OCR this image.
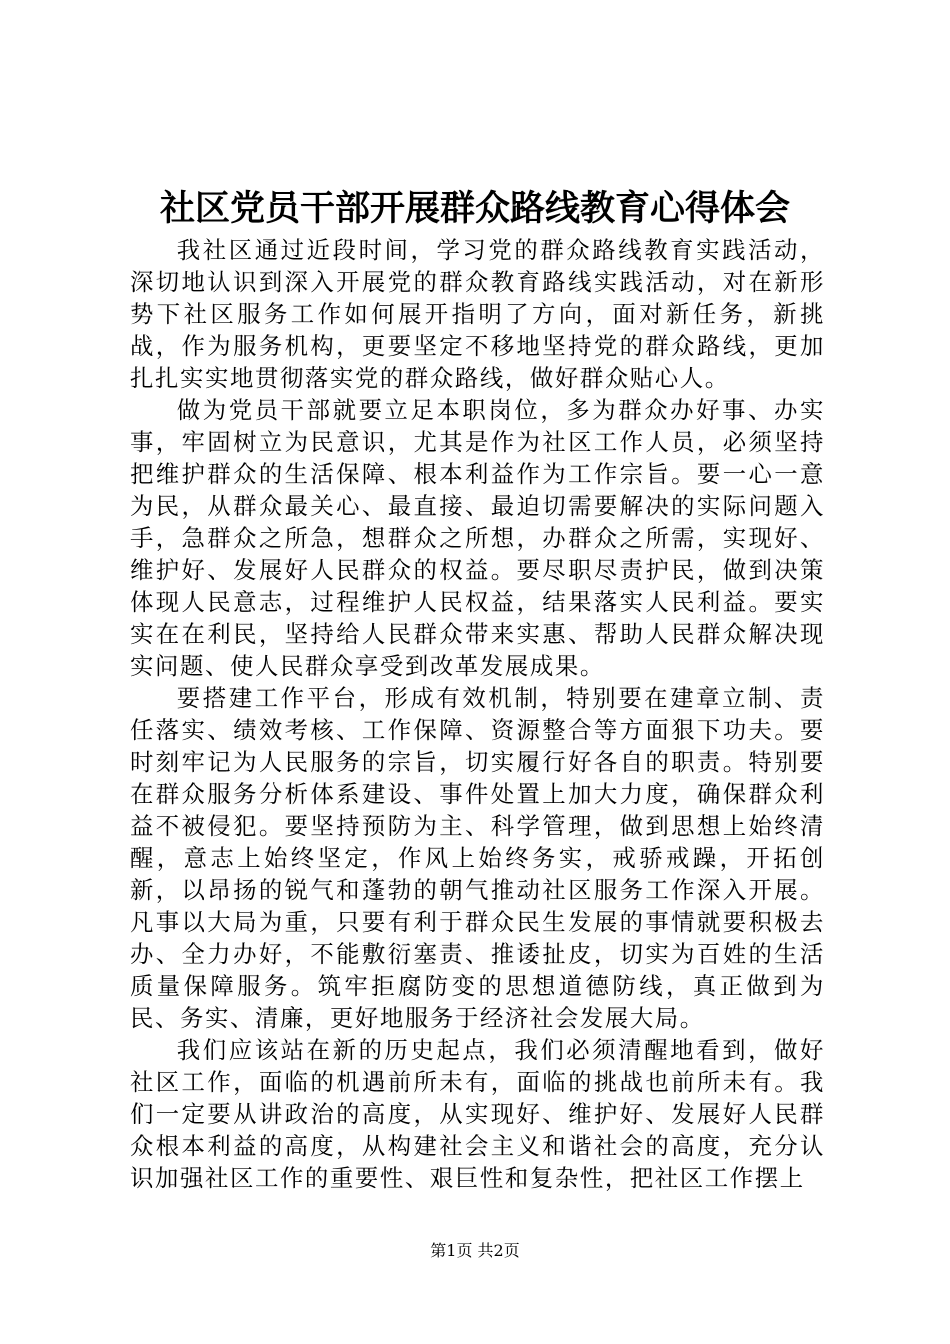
社区党员干部开展群众路线教育心得体会

我社区通过近段时间，学习党的群众路线教育实践活动，深切地认识到深入开展党的群众教育路线实践活动，对在新形势下社区服务工作如何展开指明了方向，面对新任务，新挑战，作为服务机构，更要坚定不移地坚持党的群众路线，更加扎扎实实地贯彻落实党的群众路线，做好群众贴心人。

做为党员干部就要立足本职岗位，多为群众办好事、办实事，牢固树立为民意识，尤其是作为社区工作人员，必须坚持把维护群众的生活保障、根本利益作为工作宗旨。要一心一意为民，从群众最关心、最直接、最迫切需要解决的实际问题入手，急群众之所急，想群众之所想，办群众之所需，实现好、维护好、发展好人民群众的权益。要尽职尽责护民，做到决策体现人民意志，过程维护人民权益，结果落实人民利益。要实实在在利民，坚持给人民群众带来实惠、帮助人民群众解决现实问题、使人民群众享受到改革发展成果。

要搭建工作平台，形成有效机制，特别要在建章立制、责任落实、绩效考核、工作保障、资源整合等方面狠下功夫。要时刻牢记为人民服务的宗旨，切实履行好各自的职责。特别要在群众服务分析体系建设、事件处置上加大力度，确保群众利益不被侵犯。要坚持预防为主、科学管理，做到思想上始终清醒，意志上始终坚定，作风上始终务实，戒骄戒躁，开拓创新，以昂扬的锐气和蓬勃的朝气推动社区服务工作深入开展。凡事以大局为重，只要有利于群众民生发展的事情就要积极去办、全力办好，不能敷衍塞责、推诿扯皮，切实为百姓的生活质量保障服务。筑牢拒腐防变的思想道德防线，真正做到为民、务实、清廉，更好地服务于经济社会发展大局。

我们应该站在新的历史起点，我们必须清醒地看到，做好社区工作，面临的机遇前所未有，面临的挑战也前所未有。我们一定要从讲政治的高度，从实现好、维护好、发展好人民群众根本利益的高度，从构建社会主义和谐社会的高度，充分认识加强社区工作的重要性、艰巨性和复杂性，把社区工作摆上

第1页 共2页
